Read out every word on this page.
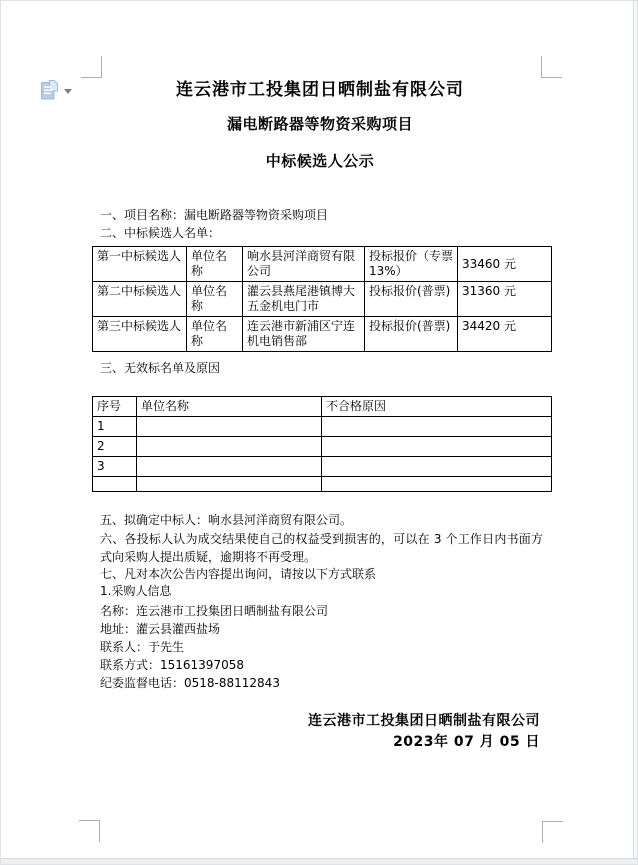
连云港市工投集团日晒制盐有限公司
漏电断路器等物资采购项目
中标候选人公示
一、项目名称：漏电断路器等物资采购项目
二、中标候选人名单：
第一中标候选人	单位名称	响水县河洋商贸有限公司	投标报价（专票13%）	33460 元
第二中标候选人	单位名称	灌云县燕尾港镇博大五金机电门市	投标报价(普票)	31360 元
第三中标候选人	单位名称	连云港市新浦区宁连机电销售部	投标报价(普票)	34420 元
三、无效标名单及原因
序号	单位名称	不合格原因
1		
2		
3		

五、拟确定中标人：响水县河洋商贸有限公司。
六、各投标人认为成交结果使自己的权益受到损害的，可以在 3 个工作日内书面方式向采购人提出质疑，逾期将不再受理。
七、凡对本次公告内容提出询问，请按以下方式联系
1.采购人信息
名称：连云港市工投集团日晒制盐有限公司
地址：灌云县灌西盐场
联系人：于先生
联系方式：15161397058
纪委监督电话：0518-88112843
连云港市工投集团日晒制盐有限公司
2023年 07 月 05 日
